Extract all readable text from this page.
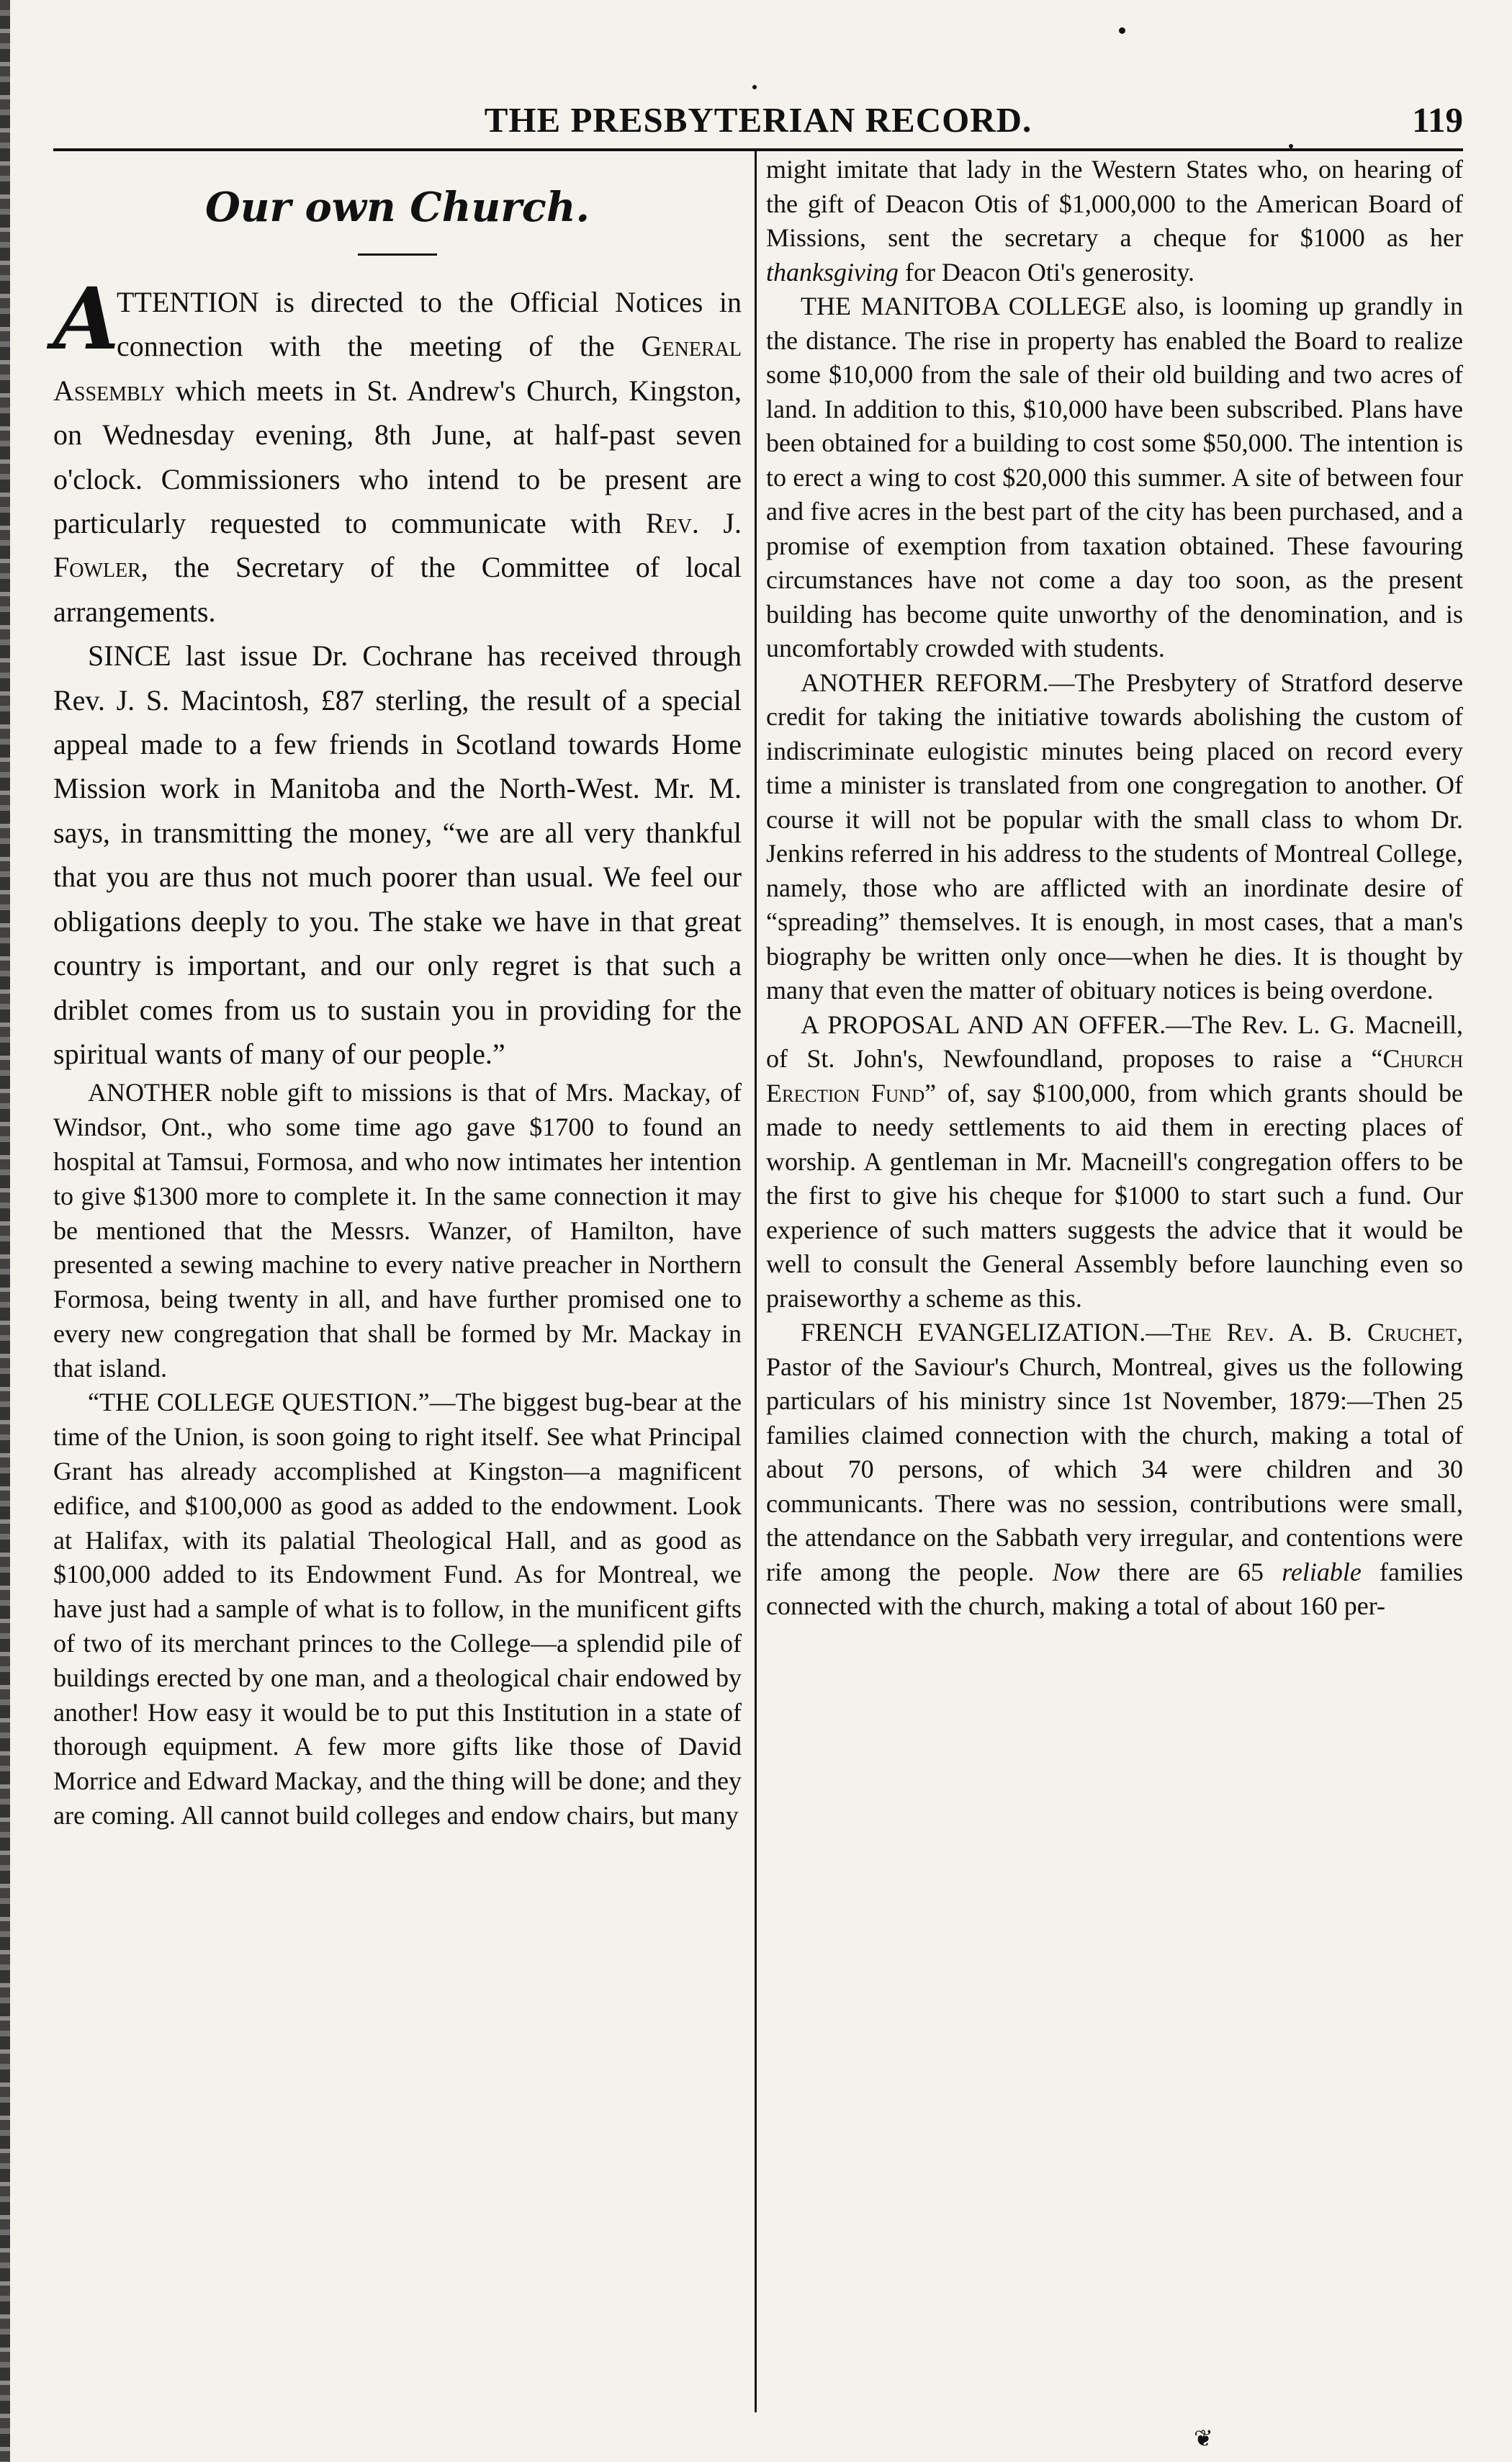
THE PRESBYTERIAN RECORD.	119
Our own Church.

A
TTENTION is directed to the Official Notices in connection with the meeting of the General Assembly which meets in St. Andrew's Church, Kingston, on Wednesday evening, 8th June, at half-past seven o'clock. Commissioners who intend to be present are particularly requested to communicate with Rev. J. Fowler, the Secretary of the Committee of local arrangements.

SINCE last issue Dr. Cochrane has received through Rev. J. S. Macintosh, £87 sterling, the result of a special appeal made to a few friends in Scotland towards Home Mission work in Manitoba and the North-West. Mr. M. says, in transmitting the money, “we are all very thankful that you are thus not much poorer than usual. We feel our obligations deeply to you. The stake we have in that great country is important, and our only regret is that such a driblet comes from us to sustain you in providing for the spiritual wants of many of our people.”

ANOTHER noble gift to missions is that of Mrs. Mackay, of Windsor, Ont., who some time ago gave $1700 to found an hospital at Tamsui, Formosa, and who now intimates her intention to give $1300 more to complete it. In the same connection it may be mentioned that the Messrs. Wanzer, of Hamilton, have presented a sewing machine to every native preacher in Northern Formosa, being twenty in all, and have further promised one to every new congregation that shall be formed by Mr. Mackay in that island.

“THE COLLEGE QUESTION.”—The biggest bug-bear at the time of the Union, is soon going to right itself. See what Principal Grant has already accomplished at Kingston—a magnificent edifice, and $100,000 as good as added to the endowment. Look at Halifax, with its palatial Theological Hall, and as good as $100,000 added to its Endowment Fund. As for Montreal, we have just had a sample of what is to follow, in the munificent gifts of two of its merchant princes to the College—a splendid pile of buildings erected by one man, and a theological chair endowed by another! How easy it would be to put this Institution in a state of thorough equipment. A few more gifts like those of David Morrice and Edward Mackay, and the thing will be done; and they are coming. All cannot build colleges and endow chairs, but many

might imitate that lady in the Western States who, on hearing of the gift of Deacon Otis of $1,000,000 to the American Board of Missions, sent the secretary a cheque for $1000 as her thanksgiving for Deacon Oti's generosity.

THE MANITOBA COLLEGE also, is looming up grandly in the distance. The rise in property has enabled the Board to realize some $10,000 from the sale of their old building and two acres of land. In addition to this, $10,000 have been subscribed. Plans have been obtained for a building to cost some $50,000. The intention is to erect a wing to cost $20,000 this summer. A site of between four and five acres in the best part of the city has been purchased, and a promise of exemption from taxation obtained. These favouring circumstances have not come a day too soon, as the present building has become quite unworthy of the denomination, and is uncomfortably crowded with students.

ANOTHER REFORM.—The Presbytery of Stratford deserve credit for taking the initiative towards abolishing the custom of indiscriminate eulogistic minutes being placed on record every time a minister is translated from one congregation to another. Of course it will not be popular with the small class to whom Dr. Jenkins referred in his address to the students of Montreal College, namely, those who are afflicted with an inordinate desire of “spreading” themselves. It is enough, in most cases, that a man's biography be written only once—when he dies. It is thought by many that even the matter of obituary notices is being overdone.

A PROPOSAL AND AN OFFER.—The Rev. L. G. Macneill, of St. John's, Newfoundland, proposes to raise a “Church Erection Fund” of, say $100,000, from which grants should be made to needy settlements to aid them in erecting places of worship. A gentleman in Mr. Macneill's congregation offers to be the first to give his cheque for $1000 to start such a fund. Our experience of such matters suggests the advice that it would be well to consult the General Assembly before launching even so praiseworthy a scheme as this.

FRENCH EVANGELIZATION.—The Rev. A. B. Cruchet, Pastor of the Saviour's Church, Montreal, gives us the following particulars of his ministry since 1st November, 1879:—Then 25 families claimed connection with the church, making a total of about 70 persons, of which 34 were children and 30 communicants. There was no session, contributions were small, the attendance on the Sabbath very irregular, and contentions were rife among the people. Now there are 65 reliable families connected with the church, making a total of about 160 per-

❦
